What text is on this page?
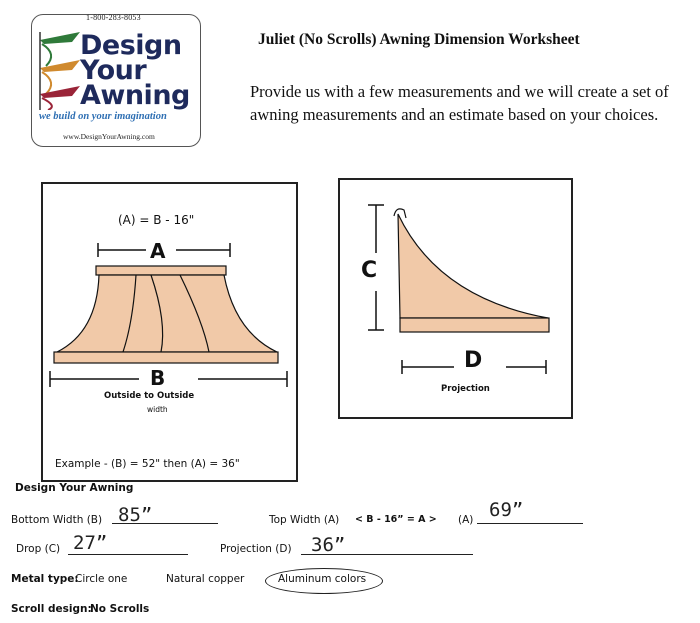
1-800-283-8053
Design
Your
Awning
we build on your imagination
www.DesignYourAwning.com
Juliet (No Scrolls) Awning Dimension Worksheet
Provide us with a few measurements and we will create a set of awning measurements and an estimate based on your choices.
(A) = B - 16"
A
B
Outside to Outside
width
Example - (B) = 52" then (A) = 36"
C
D
Projection
Design Your Awning
Bottom Width (B) 85”	Top Width (A) < B - 16” = A > (A) 69”
Drop (C) 27”	Projection (D) 36”
Metal type:
Circle one	Natural copper	Aluminum colors
Scroll design:
No Scrolls
